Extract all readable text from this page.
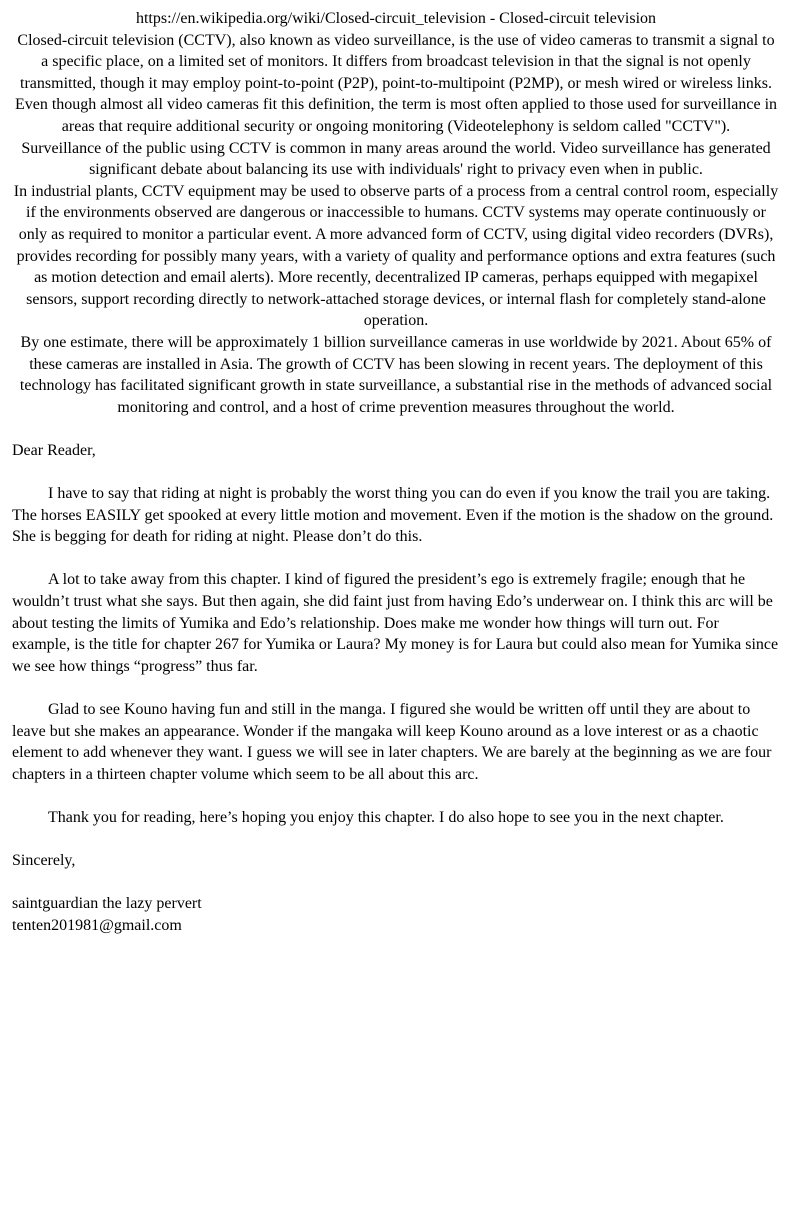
https://en.wikipedia.org/wiki/Closed-circuit_television - Closed-circuit television

Closed-circuit television (CCTV), also known as video surveillance, is the use of video cameras to transmit a signal to a specific place, on a limited set of monitors. It differs from broadcast television in that the signal is not openly transmitted, though it may employ point-to-point (P2P), point-to-multipoint (P2MP), or mesh wired or wireless links. Even though almost all video cameras fit this definition, the term is most often applied to those used for surveillance in areas that require additional security or ongoing monitoring (Videotelephony is seldom called "CCTV").

Surveillance of the public using CCTV is common in many areas around the world. Video surveillance has generated significant debate about balancing its use with individuals' right to privacy even when in public.

In industrial plants, CCTV equipment may be used to observe parts of a process from a central control room, especially if the environments observed are dangerous or inaccessible to humans. CCTV systems may operate continuously or only as required to monitor a particular event. A more advanced form of CCTV, using digital video recorders (DVRs), provides recording for possibly many years, with a variety of quality and performance options and extra features (such as motion detection and email alerts). More recently, decentralized IP cameras, perhaps equipped with megapixel sensors, support recording directly to network-attached storage devices, or internal flash for completely stand-alone operation.

By one estimate, there will be approximately 1 billion surveillance cameras in use worldwide by 2021. About 65% of these cameras are installed in Asia. The growth of CCTV has been slowing in recent years. The deployment of this technology has facilitated significant growth in state surveillance, a substantial rise in the methods of advanced social monitoring and control, and a host of crime prevention measures throughout the world.

Dear Reader,

I have to say that riding at night is probably the worst thing you can do even if you know the trail you are taking. The horses EASILY get spooked at every little motion and movement. Even if the motion is the shadow on the ground. She is begging for death for riding at night. Please don’t do this.

A lot to take away from this chapter. I kind of figured the president’s ego is extremely fragile; enough that he wouldn’t trust what she says. But then again, she did faint just from having Edo’s underwear on. I think this arc will be about testing the limits of Yumika and Edo’s relationship. Does make me wonder how things will turn out. For example, is the title for chapter 267 for Yumika or Laura? My money is for Laura but could also mean for Yumika since we see how things “progress” thus far.

Glad to see Kouno having fun and still in the manga. I figured she would be written off until they are about to leave but she makes an appearance. Wonder if the mangaka will keep Kouno around as a love interest or as a chaotic element to add whenever they want. I guess we will see in later chapters. We are barely at the beginning as we are four chapters in a thirteen chapter volume which seem to be all about this arc.

Thank you for reading, here’s hoping you enjoy this chapter. I do also hope to see you in the next chapter.

Sincerely,

saintguardian the lazy pervert

tenten201981@gmail.com
